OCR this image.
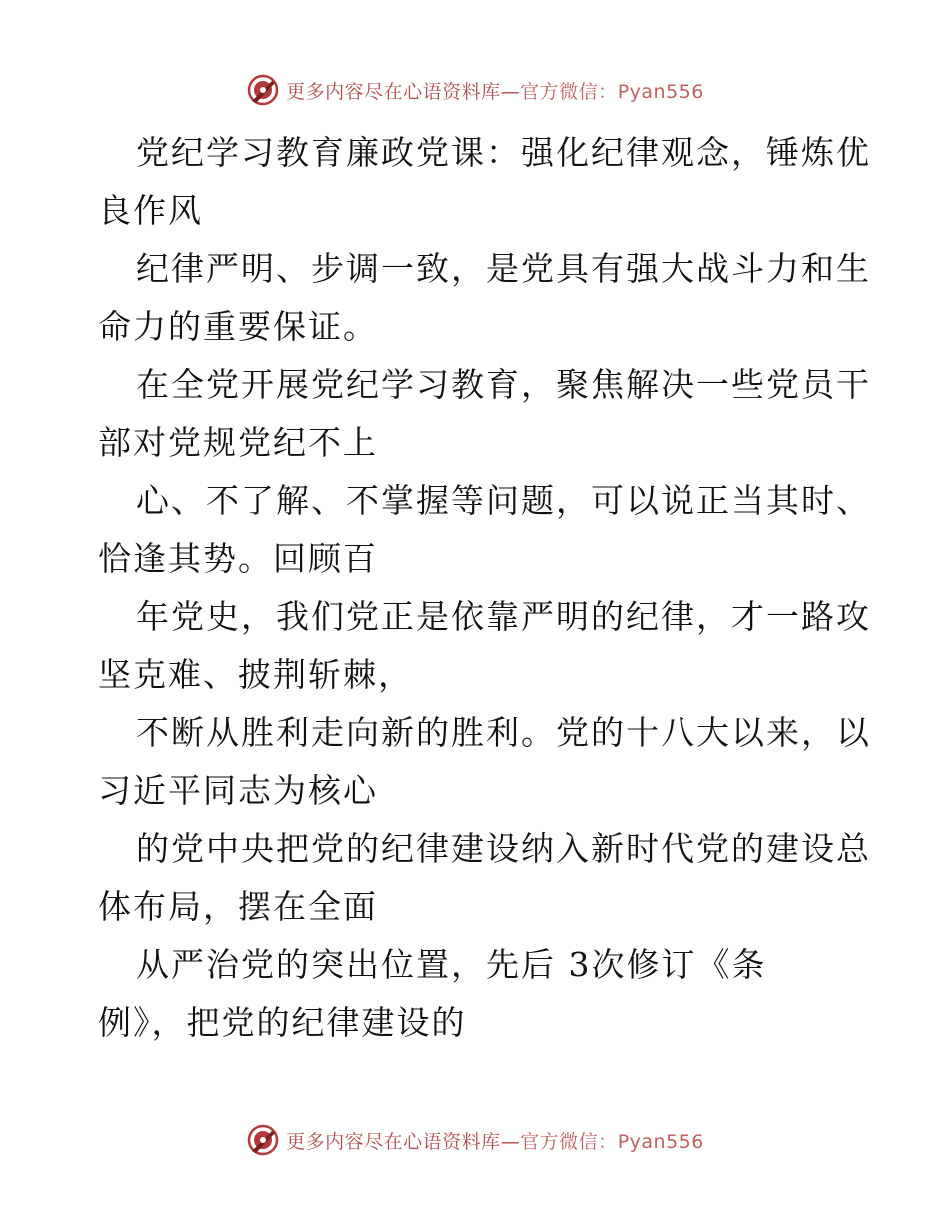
更多内容尽在心语资料库—官方微信：Pyan556
党纪学习教育廉政党课：强化纪律观念，锤炼优
良作风
纪律严明、步调一致，是党具有强大战斗力和生
命力的重要保证。
在全党开展党纪学习教育，聚焦解决一些党员干
部对党规党纪不上
心、不了解、不掌握等问题，可以说正当其时、
恰逢其势。回顾百
年党史，我们党正是依靠严明的纪律，才一路攻
坚克难、披荆斩棘，
不断从胜利走向新的胜利。党的十八大以来，以
习近平同志为核心
的党中央把党的纪律建设纳入新时代党的建设总
体布局，摆在全面
从严治党的突出位置，先后 3次修订《条
例》，把党的纪律建设的
更多内容尽在心语资料库—官方微信：Pyan556
